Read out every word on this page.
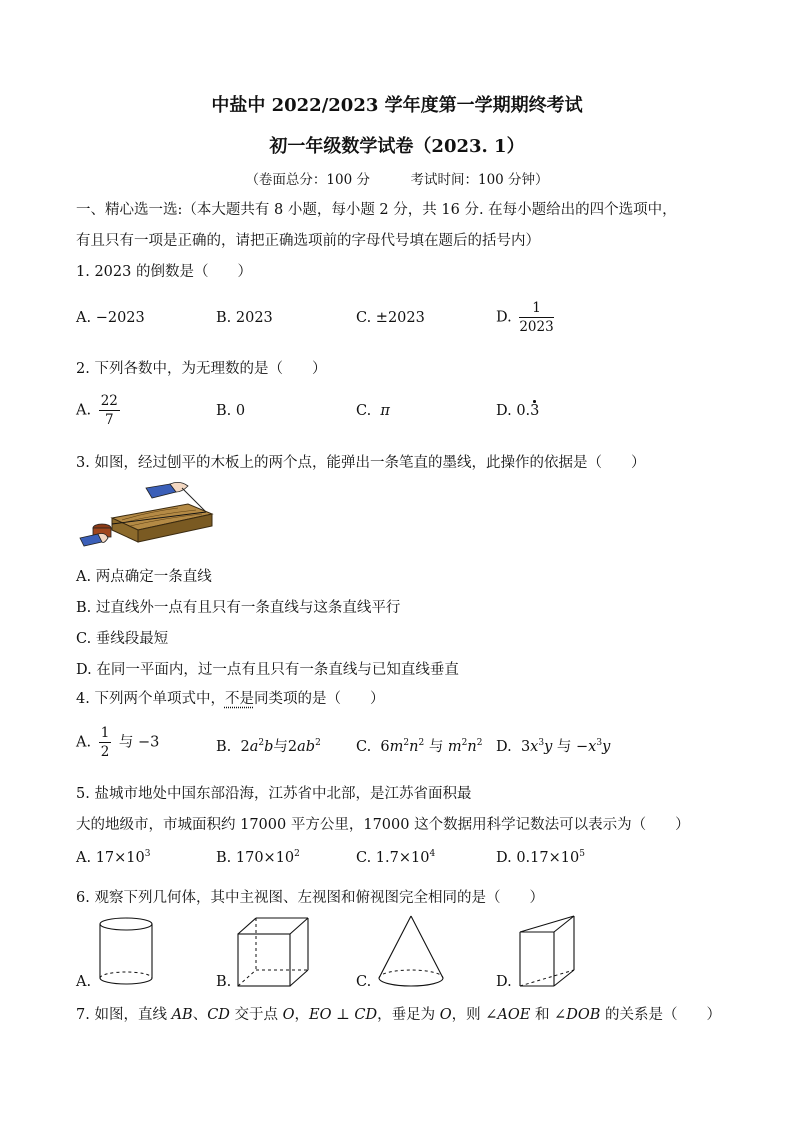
中盐中 2022/2023 学年度第一学期期终考试
初一年级数学试卷（2023. 1）
（卷面总分：100 分　　　考试时间：100 分钟）
一、精心选一选:（本大题共有 8 小题，每小题 2 分，共 16 分. 在每小题给出的四个选项中，
有且只有一项是正确的，请把正确选项前的字母代号填在题后的括号内）
1. 2023 的倒数是（　　）
A. −2023	B. 2023	C. ±2023	D. $\frac{1}{2023}$
2. 下列各数中，为无理数的是（　　）
A. $\frac{22}{7}$	B. 0	C. π	D. 0.3
3. 如图，经过刨平的木板上的两个点，能弹出一条笔直的墨线，此操作的依据是（　　）
A. 两点确定一条直线
B. 过直线外一点有且只有一条直线与这条直线平行
C. 垂线段最短
D. 在同一平面内，过一点有且只有一条直线与已知直线垂直
4. 下列两个单项式中，不是同类项的是（　　）
A. $\frac{1}{2}$ 与 −3	B. $2a^2b$与$2ab^2$ C. $6m^2n^2$ 与 $m^2n^2$ D. $3x^3y$ 与 $-x^3y$
5. 盐城市地处中国东部沿海，江苏省中北部，是江苏省面积最
大的地级市，市城面积约 17000 平方公里，17000 这个数据用科学记数法可以表示为（　　）
A. $17\times 10^3$	B. $170\times 10^2$	C. $1.7\times 10^4$	D. $0.17\times 10^5$
6. 观察下列几何体，其中主视图、左视图和俯视图完全相同的是（　　）
A.	B.	C.	D.
7. 如图，直线 AB、CD 交于点 O，EO ⊥ CD，垂足为 O，则 ∠AOE 和 ∠DOB 的关系是（　　）
